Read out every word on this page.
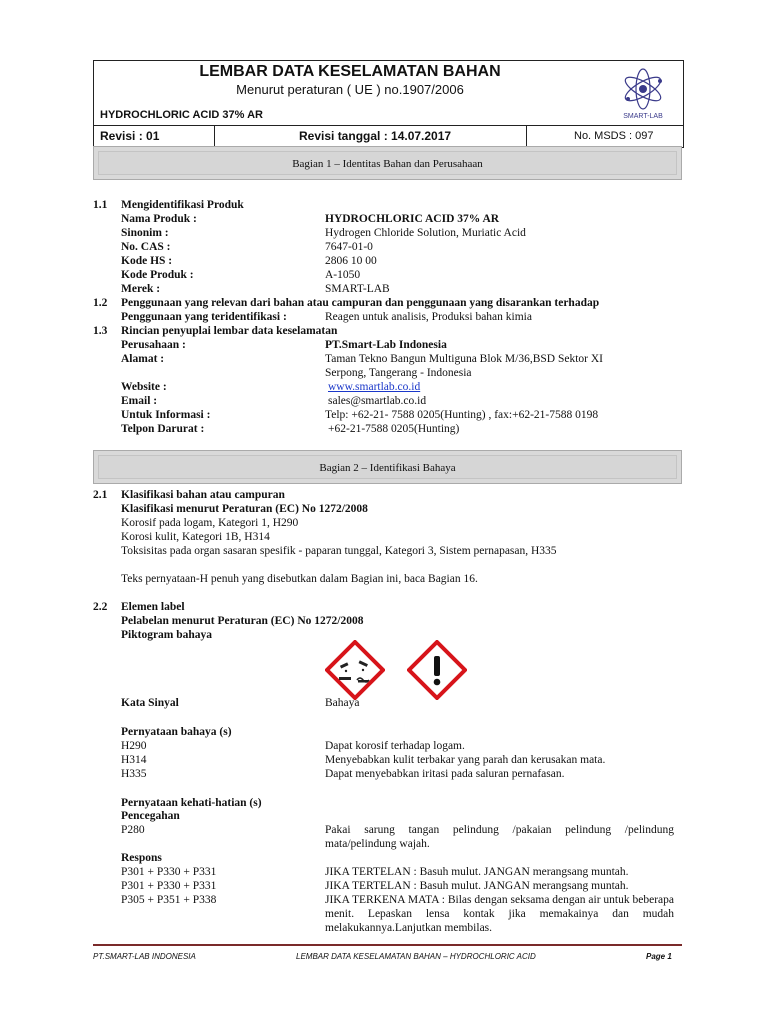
LEMBAR DATA KESELAMATAN BAHAN
Menurut peraturan ( UE ) no.1907/2006
HYDROCHLORIC ACID 37% AR	SMART-LAB
Revisi : 01	Revisi tanggal : 14.07.2017	No. MSDS : 097
Bagian 1 – Identitas Bahan dan Perusahaan
1.1 Mengidentifikasi Produk
Nama Produk :	HYDROCHLORIC ACID 37% AR
Sinonim :	Hydrogen Chloride Solution, Muriatic Acid
No. CAS :	7647-01-0
Kode HS :	2806 10 00
Kode Produk :	A-1050
Merek :	SMART-LAB
1.2 Penggunaan yang relevan dari bahan atau campuran dan penggunaan yang disarankan terhadap
Penggunaan yang teridentifikasi :	Reagen untuk analisis, Produksi bahan kimia
1.3 Rincian penyuplai lembar data keselamatan
Perusahaan :	PT.Smart-Lab Indonesia
Alamat :	Taman Tekno Bangun Multiguna Blok M/36,BSD Sektor XI
Serpong, Tangerang - Indonesia
Website :	www.smartlab.co.id
Email :	sales@smartlab.co.id
Untuk Informasi :	Telp: +62-21- 7588 0205(Hunting) , fax:+62-21-7588 0198
Telpon Darurat :	+62-21-7588 0205(Hunting)
Bagian 2 – Identifikasi Bahaya
2.1 Klasifikasi bahan atau campuran
Klasifikasi menurut Peraturan (EC) No 1272/2008
Korosif pada logam, Kategori 1, H290
Korosi kulit, Kategori 1B, H314
Toksisitas pada organ sasaran spesifik - paparan tunggal, Kategori 3, Sistem pernapasan, H335
Teks pernyataan-H penuh yang disebutkan dalam Bagian ini, baca Bagian 16.
2.2 Elemen label
Pelabelan menurut Peraturan (EC) No 1272/2008
Piktogram bahaya
Kata Sinyal	Bahaya
Pernyataan bahaya (s)
H290	Dapat korosif terhadap logam.
H314	Menyebabkan kulit terbakar yang parah dan kerusakan mata.
H335	Dapat menyebabkan iritasi pada saluran pernafasan.
Pernyataan kehati-hatian (s)
Pencegahan
P280	Pakai sarung tangan pelindung /pakaian pelindung /pelindung mata/pelindung wajah.
Respons
P301 + P330 + P331	JIKA TERTELAN : Basuh mulut. JANGAN merangsang muntah.
P301 + P330 + P331	JIKA TERTELAN : Basuh mulut. JANGAN merangsang muntah.
P305 + P351 + P338	JIKA TERKENA MATA : Bilas dengan seksama dengan air untuk beberapa menit. Lepaskan lensa kontak jika memakainya dan mudah melakukannya.Lanjutkan membilas.
PT.SMART-LAB INDONESIA	LEMBAR DATA KESELAMATAN BAHAN – HYDROCHLORIC ACID	Page 1
